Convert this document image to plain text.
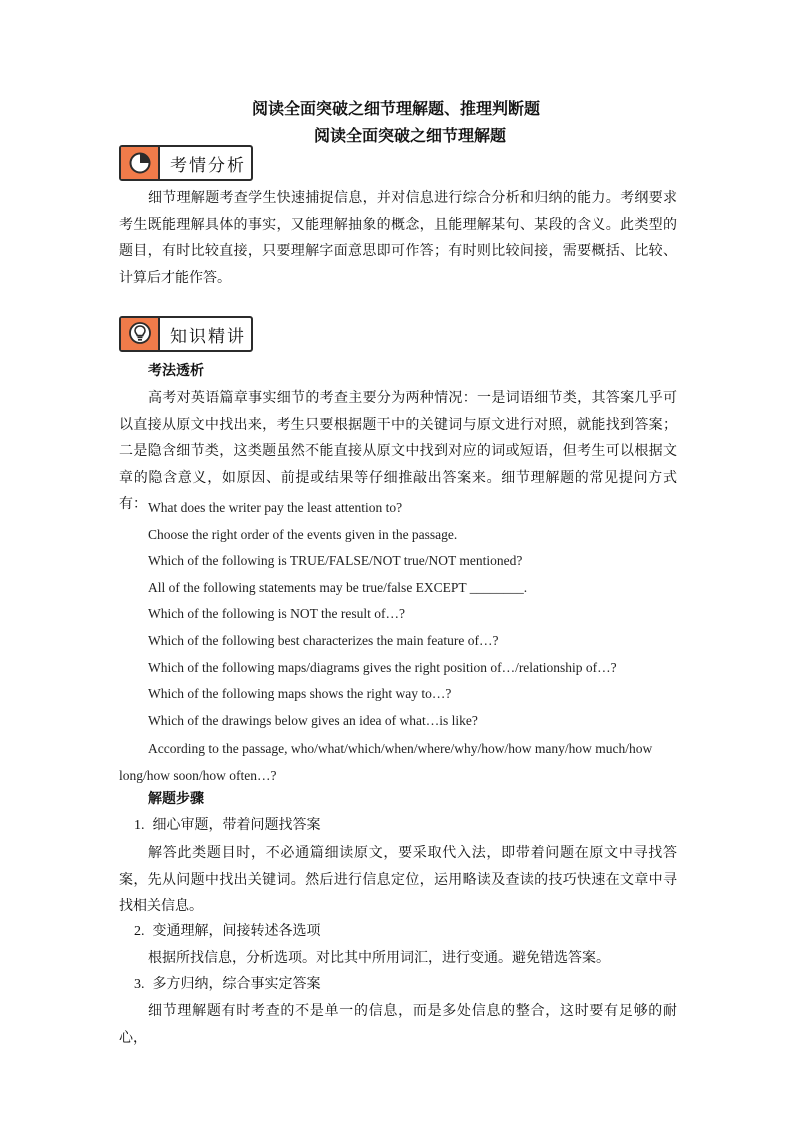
阅读全面突破之细节理解题、推理判断题
阅读全面突破之细节理解题
考情分析
细节理解题考查学生快速捕捉信息，并对信息进行综合分析和归纳的能力。考纲要求考生既能理解具体的事实，又能理解抽象的概念，且能理解某句、某段的含义。此类型的题目，有时比较直接，只要理解字面意思即可作答；有时则比较间接，需要概括、比较、计算后才能作答。
知识精讲
考法透析
高考对英语篇章事实细节的考查主要分为两种情况：一是词语细节类，其答案几乎可以直接从原文中找出来，考生只要根据题干中的关键词与原文进行对照，就能找到答案；二是隐含细节类，这类题虽然不能直接从原文中找到对应的词或短语，但考生可以根据文章的隐含意义，如原因、前提或结果等仔细推敲出答案来。细节理解题的常见提问方式有： What does the writer pay the least attention to?
Choose the right order of the events given in the passage.
Which of the following is TRUE/FALSE/NOT true/NOT mentioned?
All of the following statements may be true/false EXCEPT ________.
Which of the following is NOT the result of…?
Which of the following best characterizes the main feature of…?
Which of the following maps/diagrams gives the right position of…/relationship of…?
Which of the following maps shows the right way to…?
Which of the drawings below gives an idea of what…is like?
According to the passage, who/what/which/when/where/why/how/how many/how much/how long/how soon/how often…?
解题步骤
1. 细心审题，带着问题找答案
解答此类题目时，不必通篇细读原文，要采取代入法，即带着问题在原文中寻找答案，先从问题中找出关键词。然后进行信息定位，运用略读及查读的技巧快速在文章中寻找相关信息。
2. 变通理解，间接转述各选项
根据所找信息，分析选项。对比其中所用词汇，进行变通。避免错选答案。
3. 多方归纳，综合事实定答案
细节理解题有时考查的不是单一的信息，而是多处信息的整合，这时要有足够的耐心，
